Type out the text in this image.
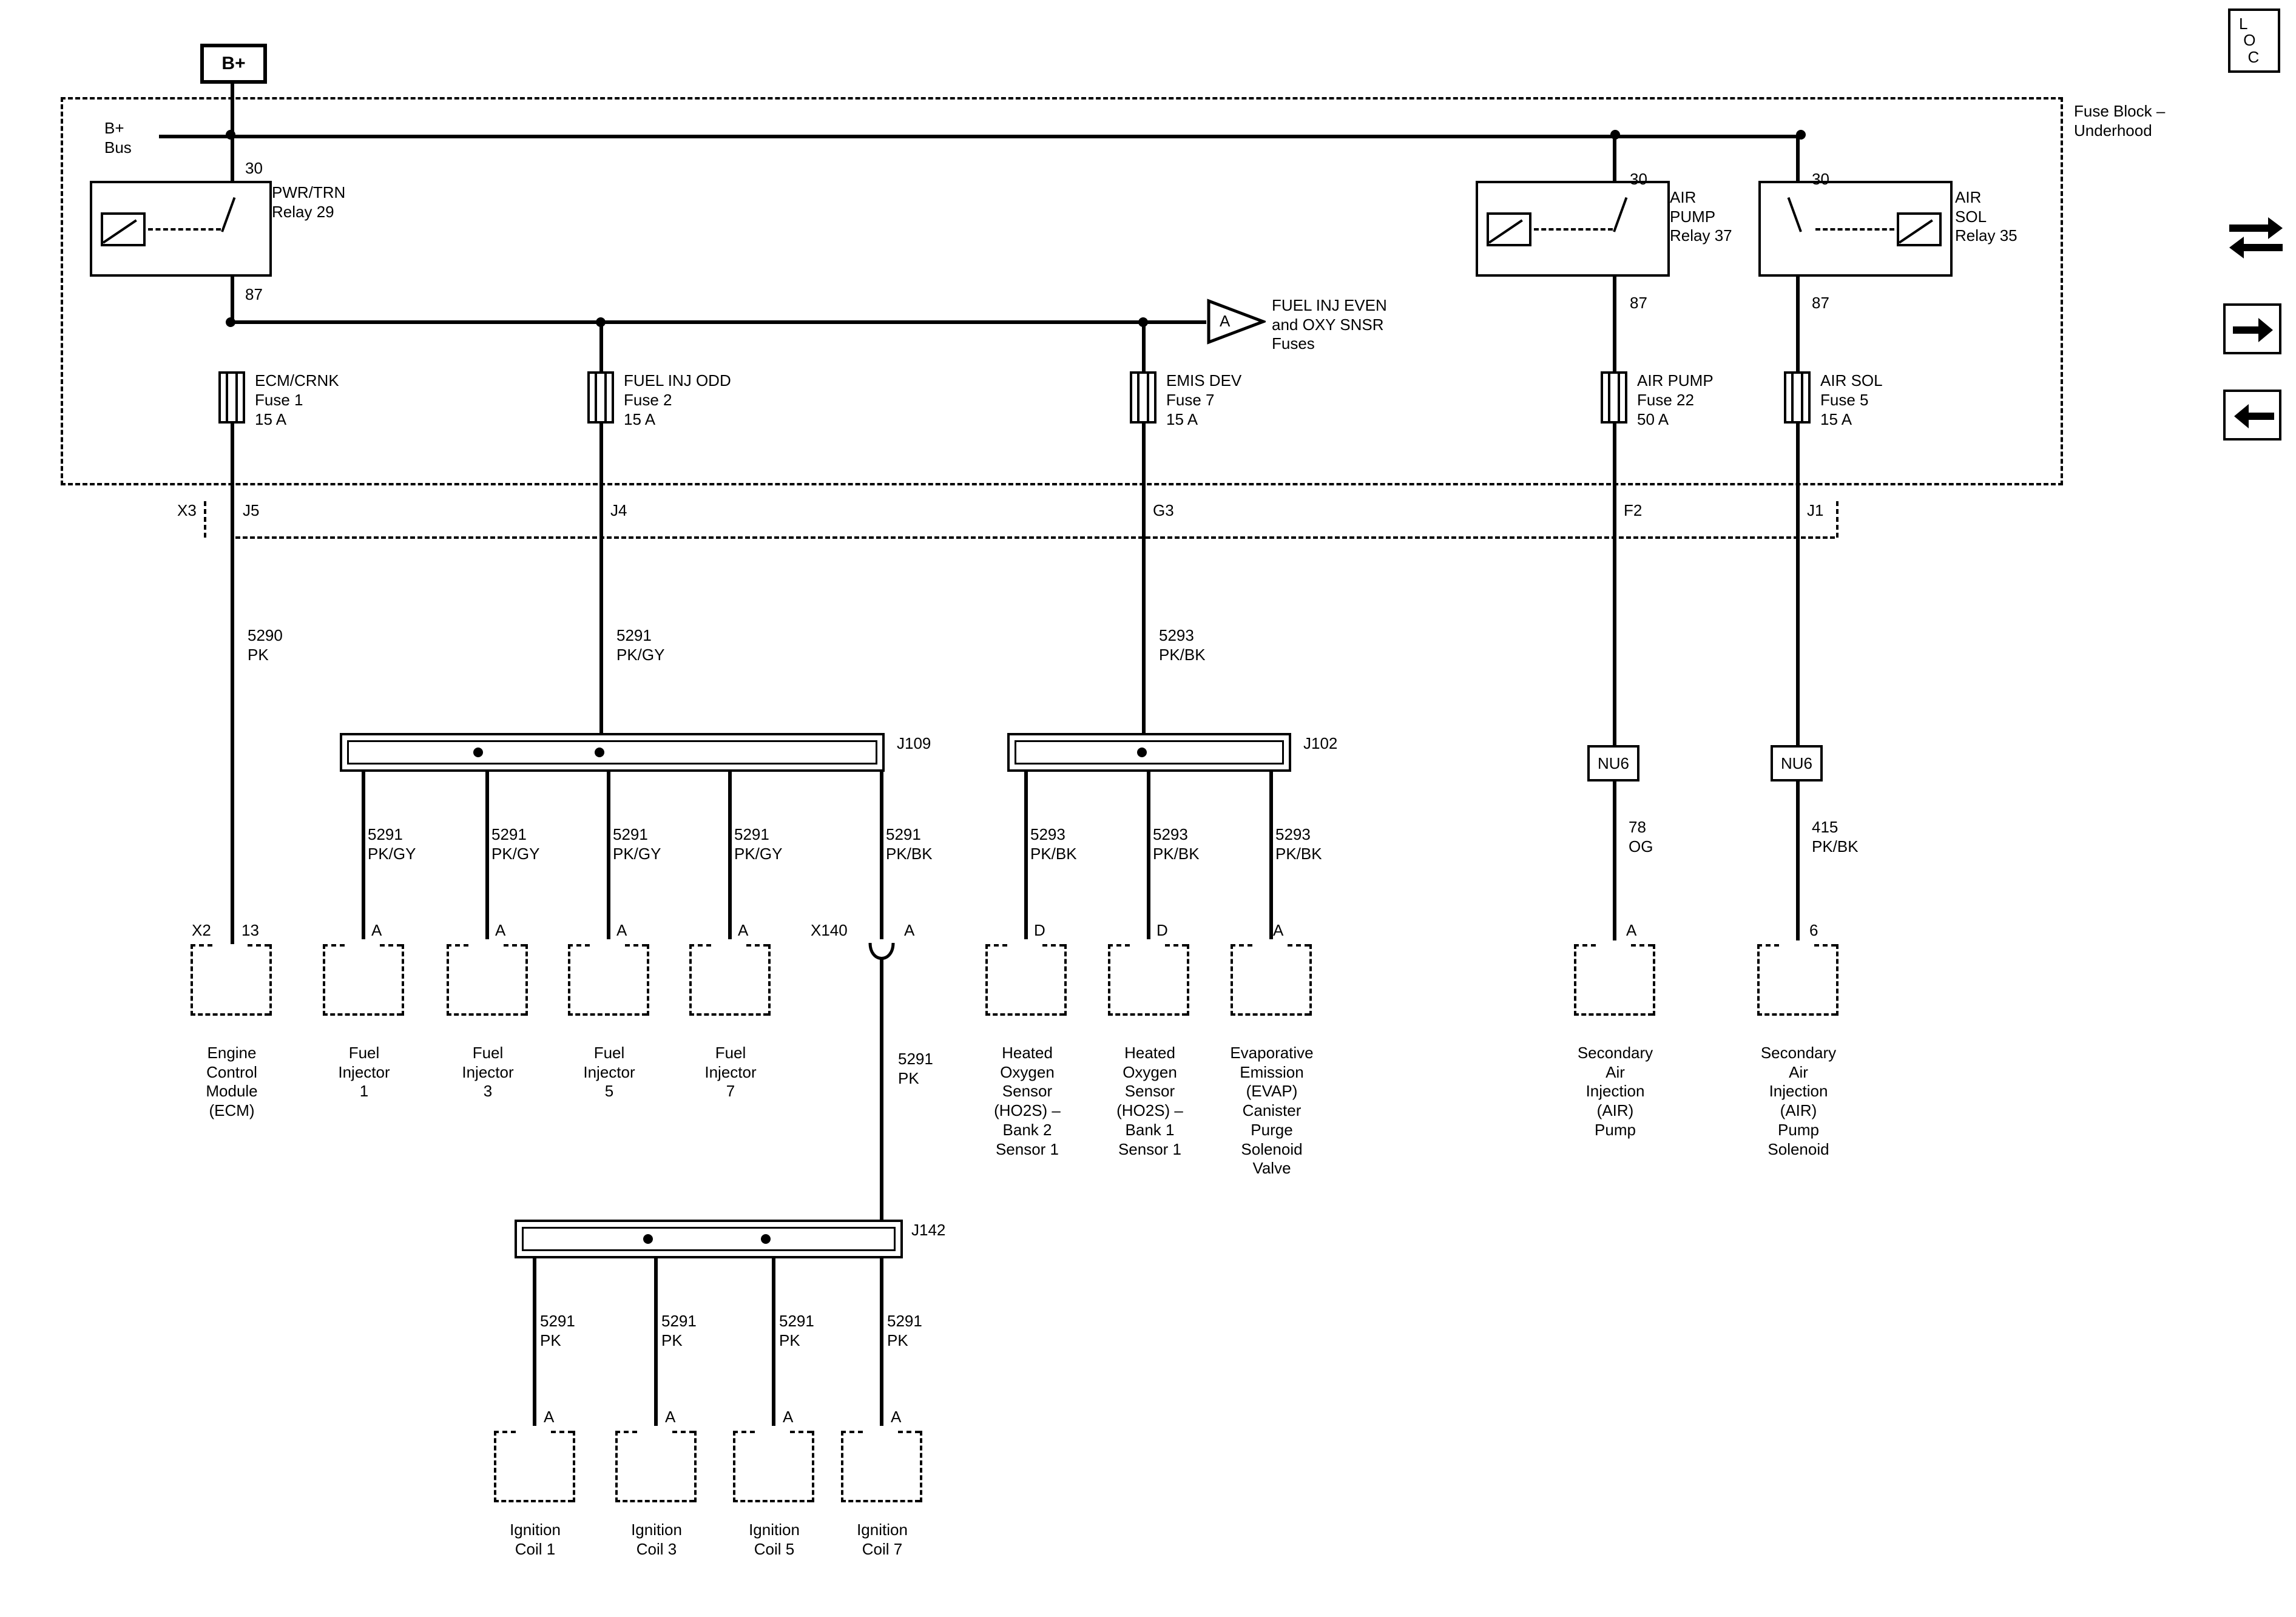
L
O
C
B+
Fuse Block –
Underhood
B+
Bus
30
87
PWR/TRN
Relay 29
A
FUEL INJ EVEN
and OXY SNSR
Fuses
30
87
AIR
PUMP
Relay 37
30
87
AIR
SOL
Relay 35
ECM/CRNK
Fuse 1
15 A
FUEL INJ ODD
Fuse 2
15 A
EMIS DEV
Fuse 7
15 A
AIR PUMP
Fuse 22
50 A
AIR SOL
Fuse 5
15 A
X3	J5	J4	G3	F2	J1
5290
PK
5291
PK/GY
5293
PK/BK
NU6
78
OG
NU6
415
PK/BK
J109
5291
PK/GY
A
5291
PK/GY
A
5291
PK/GY
A
5291
PK/GY
A
5291
PK/BK
X140	A
5291
PK
J102
5293
PK/BK
D
5293
PK/BK
D
5293
PK/BK
A
X2 13	A	6
Engine
Control
Module
(ECM)
Fuel
Injector
1
Fuel
Injector
3
Fuel
Injector
5
Fuel
Injector
7
Heated
Oxygen
Sensor
(HO2S) –
Bank 2
Sensor 1
Heated
Oxygen
Sensor
(HO2S) –
Bank 1
Sensor 1
Evaporative
Emission
(EVAP)
Canister
Purge
Solenoid
Valve
Secondary
Air
Injection
(AIR)
Pump
Secondary
Air
Injection
(AIR)
Pump
Solenoid
J142
5291
PK
A
5291
PK
A
5291
PK
A
5291
PK
A
Ignition
Coil 1
Ignition
Coil 3
Ignition
Coil 5
Ignition
Coil 7
